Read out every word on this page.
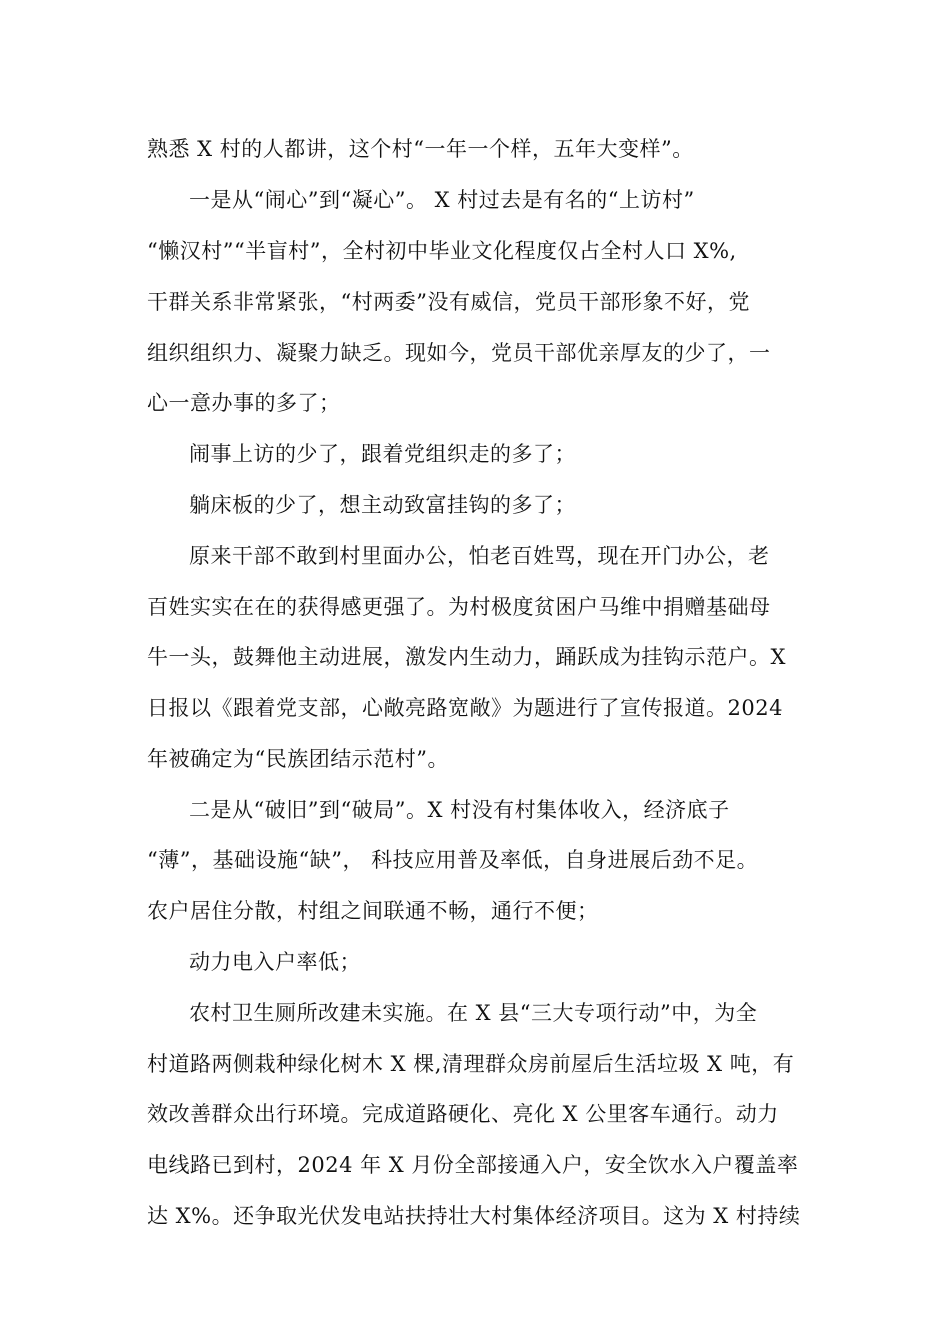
熟悉 X 村的人都讲，这个村“一年一个样，五年大变样”。
一是从“闹心”到“凝心”。 X 村过去是有名的“上访村”
“懒汉村”“半盲村”，全村初中毕业文化程度仅占全村人口 X%,
干群关系非常紧张，“村两委”没有威信，党员干部形象不好，党
组织组织力、凝聚力缺乏。现如今，党员干部优亲厚友的少了，一
心一意办事的多了；
闹事上访的少了，跟着党组织走的多了；
躺床板的少了，想主动致富挂钩的多了；
原来干部不敢到村里面办公，怕老百姓骂，现在开门办公，老
百姓实实在在的获得感更强了。为村极度贫困户马维中捐赠基础母
牛一头，鼓舞他主动进展，激发内生动力，踊跃成为挂钩示范户。X
日报以《跟着党支部，心敞亮路宽敞》为题进行了宣传报道。2024
年被确定为“民族团结示范村”。
二是从“破旧”到“破局”。X 村没有村集体收入，经济底子
“薄”，基础设施“缺”， 科技应用普及率低，自身进展后劲不足。
农户居住分散，村组之间联通不畅，通行不便；
动力电入户率低；
农村卫生厕所改建未实施。在 X 县“三大专项行动”中，为全
村道路两侧栽种绿化树木 X 棵,清理群众房前屋后生活垃圾 X 吨，有
效改善群众出行环境。完成道路硬化、亮化 X 公里客车通行。动力
电线路已到村，2024 年 X 月份全部接通入户，安全饮水入户覆盖率
达 X%。还争取光伏发电站扶持壮大村集体经济项目。这为 X 村持续
